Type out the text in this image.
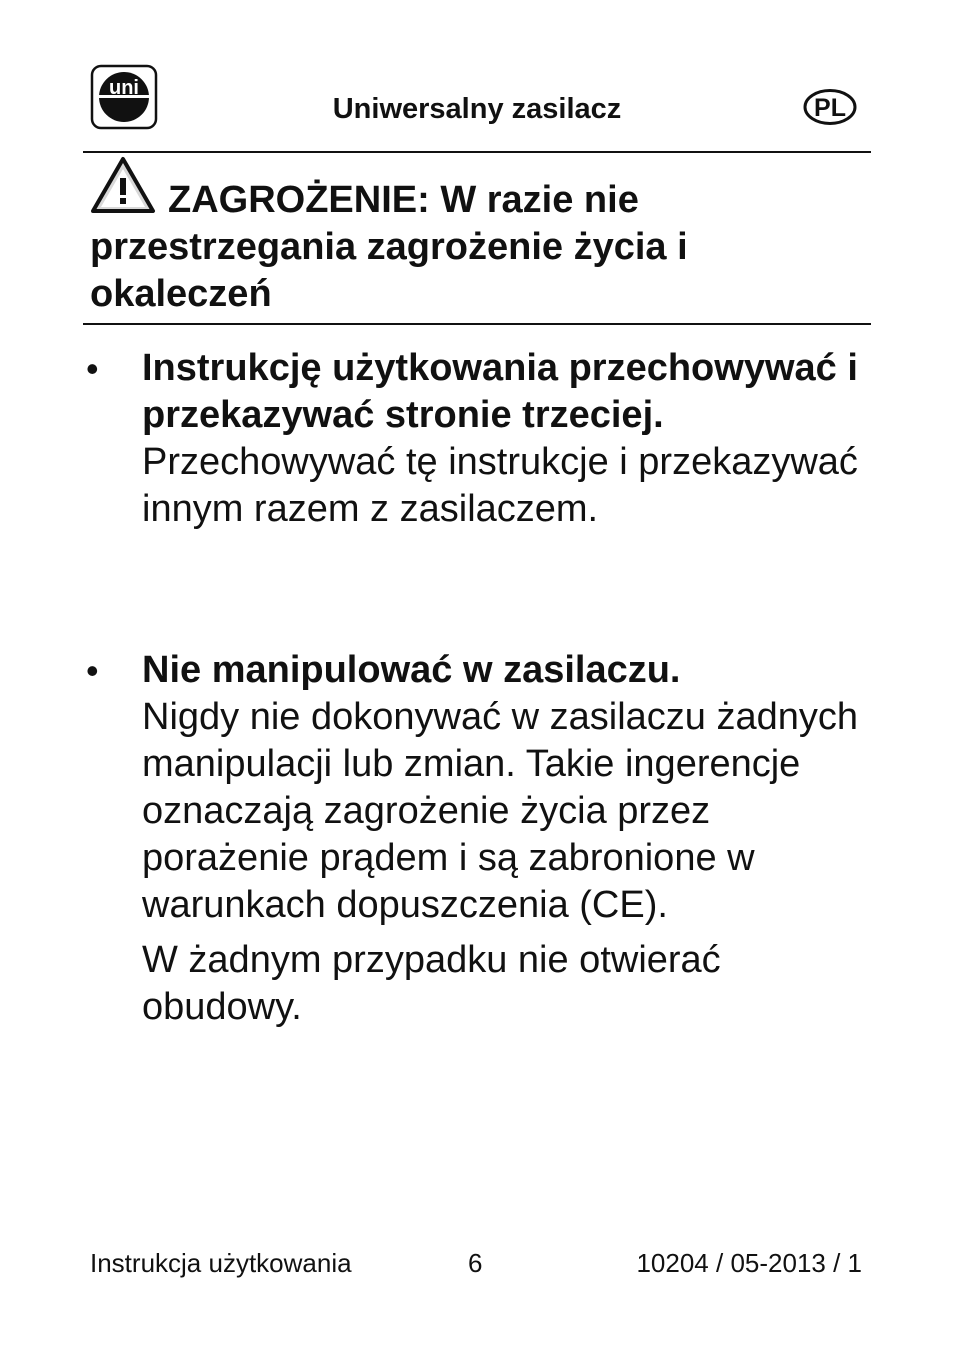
uni
Uniwersalny zasilacz	PL
ZAGROŻENIE: W razie nie przestrzegania zagrożenie życia i okaleczeń
• Instrukcję użytkowania przechowywać i przekazywać stronie trzeciej.

Przechowywać tę instrukcje i przekazywać innym razem z zasilaczem.

• Nie manipulować w zasilaczu.

Nigdy nie dokonywać w zasilaczu żadnych manipulacji lub zmian. Takie ingerencje oznaczają zagrożenie życia przez porażenie prądem i są zabronione w warunkach dopuszczenia (CE).

W żadnym przypadku nie otwierać obudowy.

Instrukcja użytkowania	6	10204 / 05-2013 / 1
